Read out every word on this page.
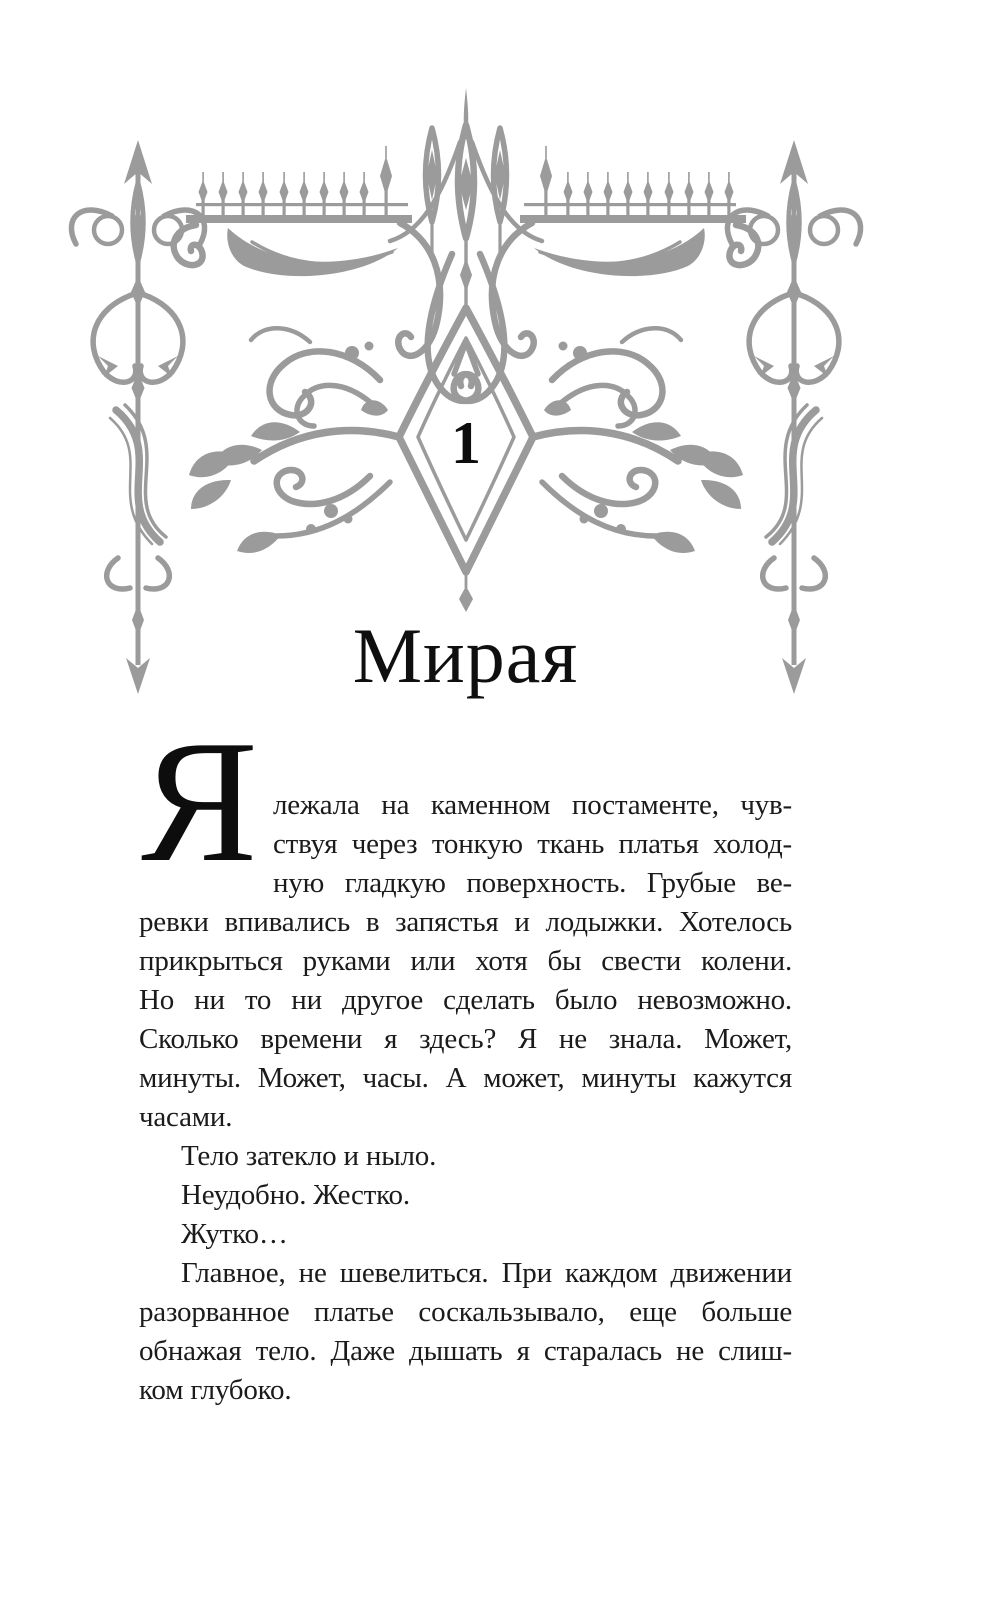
1
Мирая
Я лежала на каменном постаменте, чув-
ствуя через тонкую ткань платья холод-
ную гладкую поверхность. Грубые ве-
ревки впивались в запястья и лодыжки. Хотелось
прикрыться руками или хотя бы свести колени.
Но ни то ни другое сделать было невозможно.
Сколько времени я здесь? Я не знала. Может,
минуты. Может, часы. А может, минуты кажутся
часами.
Тело затекло и ныло.
Неудобно. Жестко.
Жутко…
Главное, не шевелиться. При каждом движении
разорванное платье соскальзывало, еще больше
обнажая тело. Даже дышать я старалась не слиш-
ком глубоко.
